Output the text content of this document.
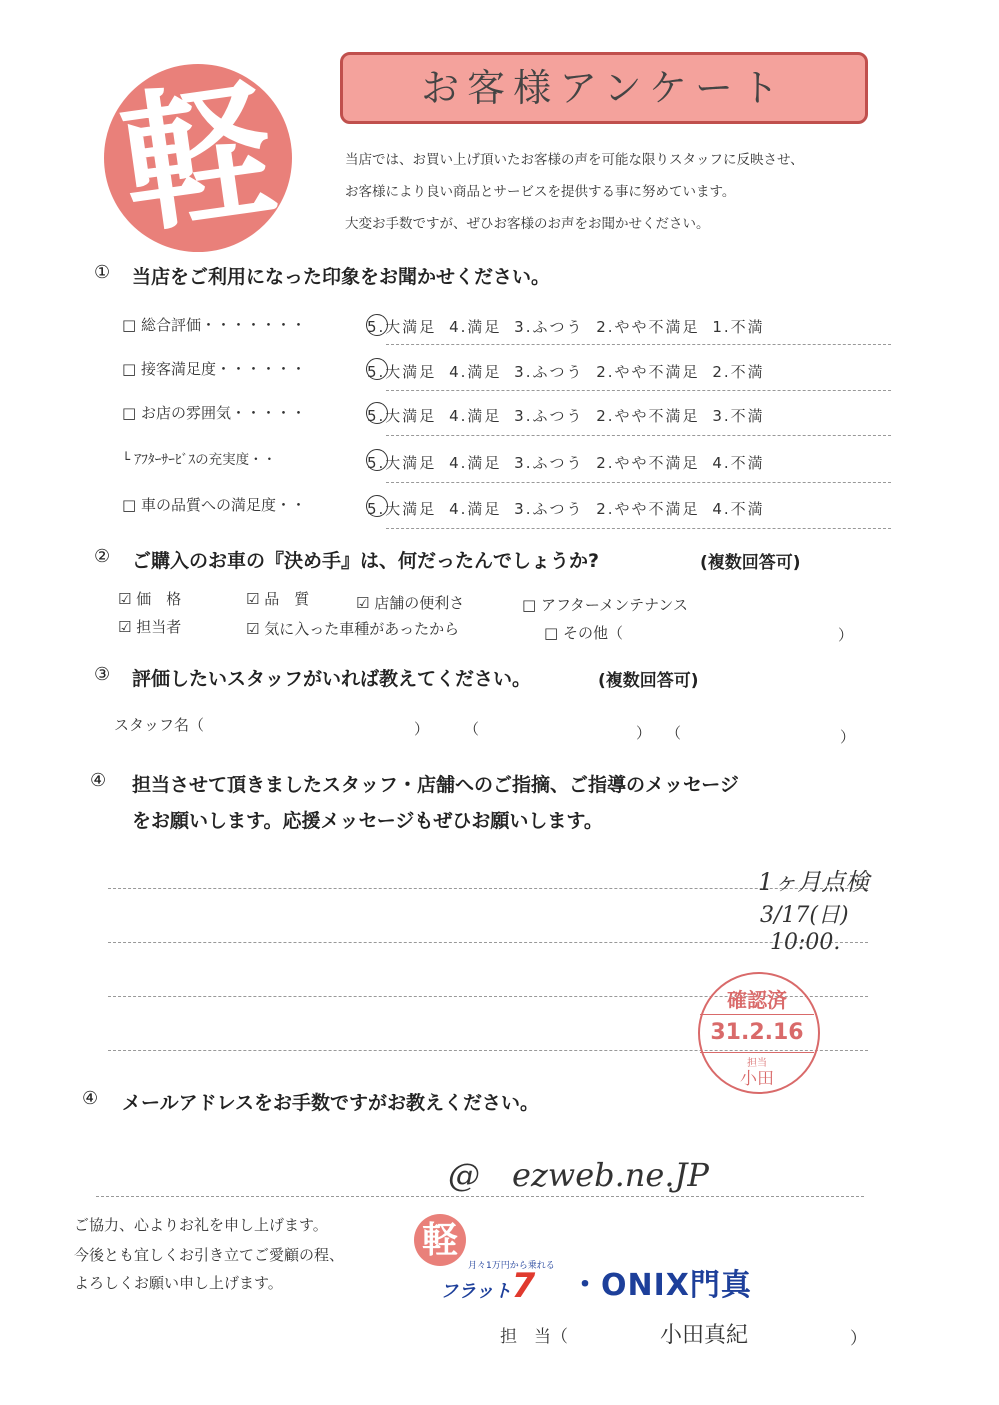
軽	お客様アンケート
当店では、お買い上げ頂いたお客様の声を可能な限りスタッフに反映させ、
お客様により良い商品とサービスを提供する事に努めています。
大変お手数ですが、ぜひお客様のお声をお聞かせください。
① 当店をご利用になった印象をお聞かせください。
□ 総合評価・・・・・・・	5.大満足 4.満足 3.ふつう 2.やや不満足 1.不満
□ 接客満足度・・・・・・	5.大満足 4.満足 3.ふつう 2.やや不満足 2.不満
□ お店の雰囲気・・・・・	5.大満足 4.満足 3.ふつう 2.やや不満足 3.不満
└ ｱﾌﾀｰｻｰﾋﾞｽの充実度・・	5.大満足 4.満足 3.ふつう 2.やや不満足 4.不満
□ 車の品質への満足度・・	5.大満足 4.満足 3.ふつう 2.やや不満足 4.不満
② ご購入のお車の『決め手』は、何だったんでしょうか?	(複数回答可)
☑ 価　格	☑ 品　質	☑ 店舗の便利さ	□ アフターメンテナンス
☑ 担当者	☑ 気に入った車種があったから	□ その他（	）
③ 評価したいスタッフがいれば教えてください。	(複数回答可)
スタッフ名（	） （	） （	）
④ 担当させて頂きましたスタッフ・店舗へのご指摘、ご指導のメッセージ
をお願いします。応援メッセージもぜひお願いします。
1ヶ月点検
3/17(日)
10:00.
確認済
31.2.16
担当
小田
④ メールアドレスをお手数ですがお教えください。
@　ezweb.ne.JP
ご協力、心よりお礼を申し上げます。
今後とも宜しくお引き立てご愛顧の程、
よろしくお願い申し上げます。
軽
月々1万円から乗れる
フラット7 ・ONIX門真
担　当（	小田真紀	）
